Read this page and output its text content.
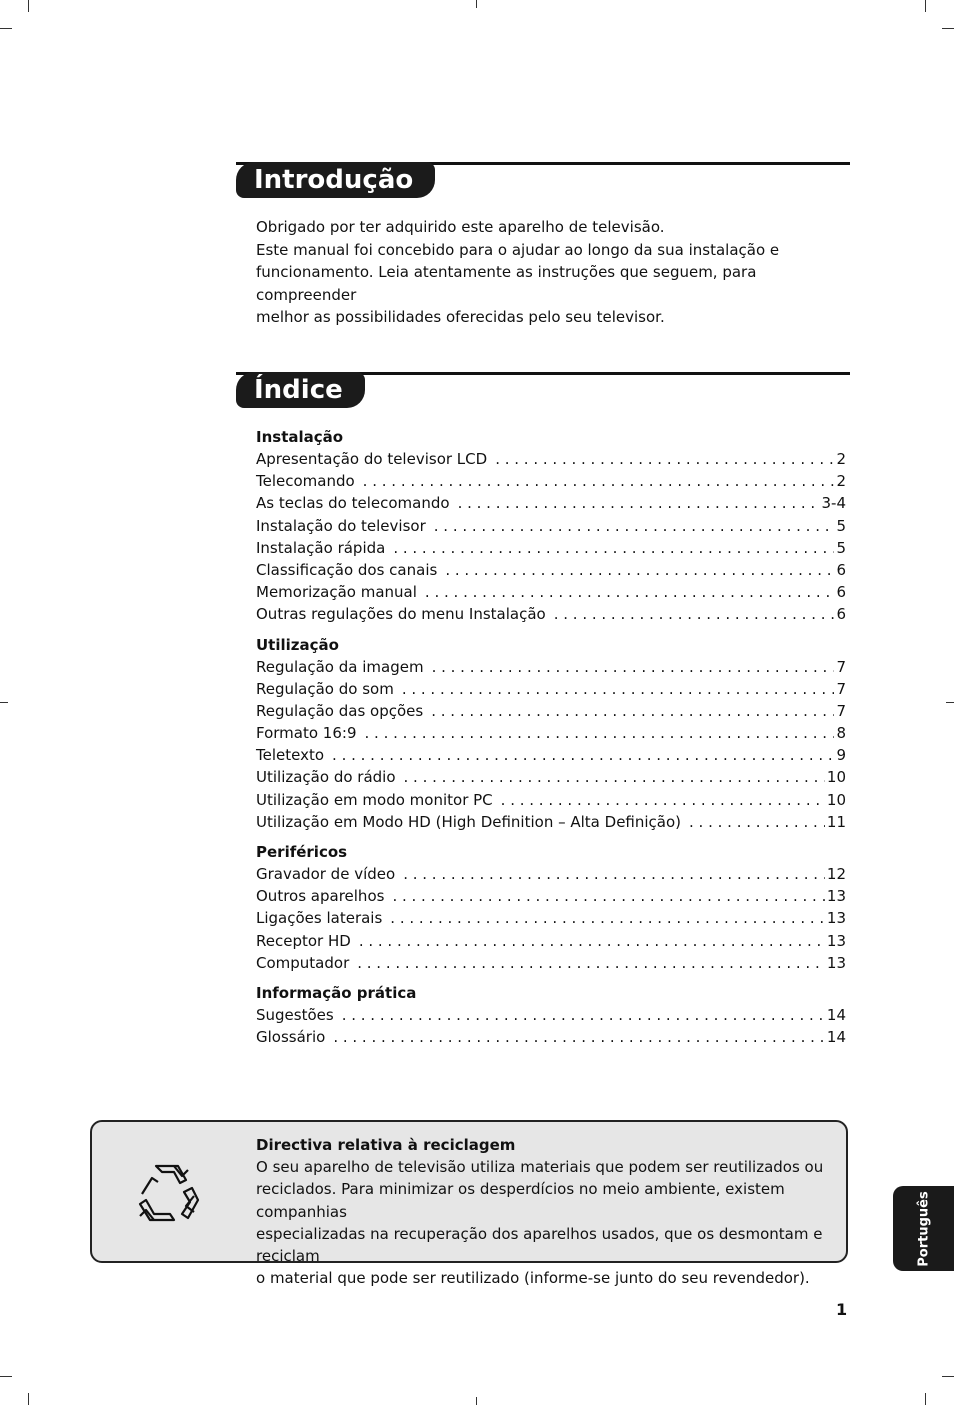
Introdução

Obrigado por ter adquirido este aparelho de televisão.

Este manual foi concebido para o ajudar ao longo da sua instalação e

funcionamento. Leia atentamente as instruções que seguem, para compreender

melhor as possibilidades oferecidas pelo seu televisor.

Índice
Instalação
Apresentação do televisor LCD . . .	2
Telecomando . . .	2
As teclas do telecomando . . .	3-4
Instalação do televisor . . .	5
Instalação rápida . . .	5
Classificação dos canais . . .	6
Memorização manual . . .	6
Outras regulações do menu Instalação . . .	6
Utilização
Regulação da imagem . . .	7
Regulação do som . . .	7
Regulação das opções . . .	7
Formato 16:9 . . .	8
Teletexto . . .	9
Utilização do rádio . . .	10
Utilização em modo monitor PC . . .	10
Utilização em Modo HD (High Definition – Alta Definição) . . .	11
Periféricos
Gravador de vídeo . . .	12
Outros aparelhos . . .	13
Ligações laterais . . .	13
Receptor HD . . .	13
Computador . . .	13
Informação prática
Sugestões . . .	14
Glossário . . .	14
Directiva relativa à reciclagem
O seu aparelho de televisão utiliza materiais que podem ser reutilizados ou
reciclados. Para minimizar os desperdícios no meio ambiente, existem companhias
especializadas na recuperação dos aparelhos usados, que os desmontam e reciclam
o material que pode ser reutilizado (informe-se junto do seu revendedor).
Português
1
